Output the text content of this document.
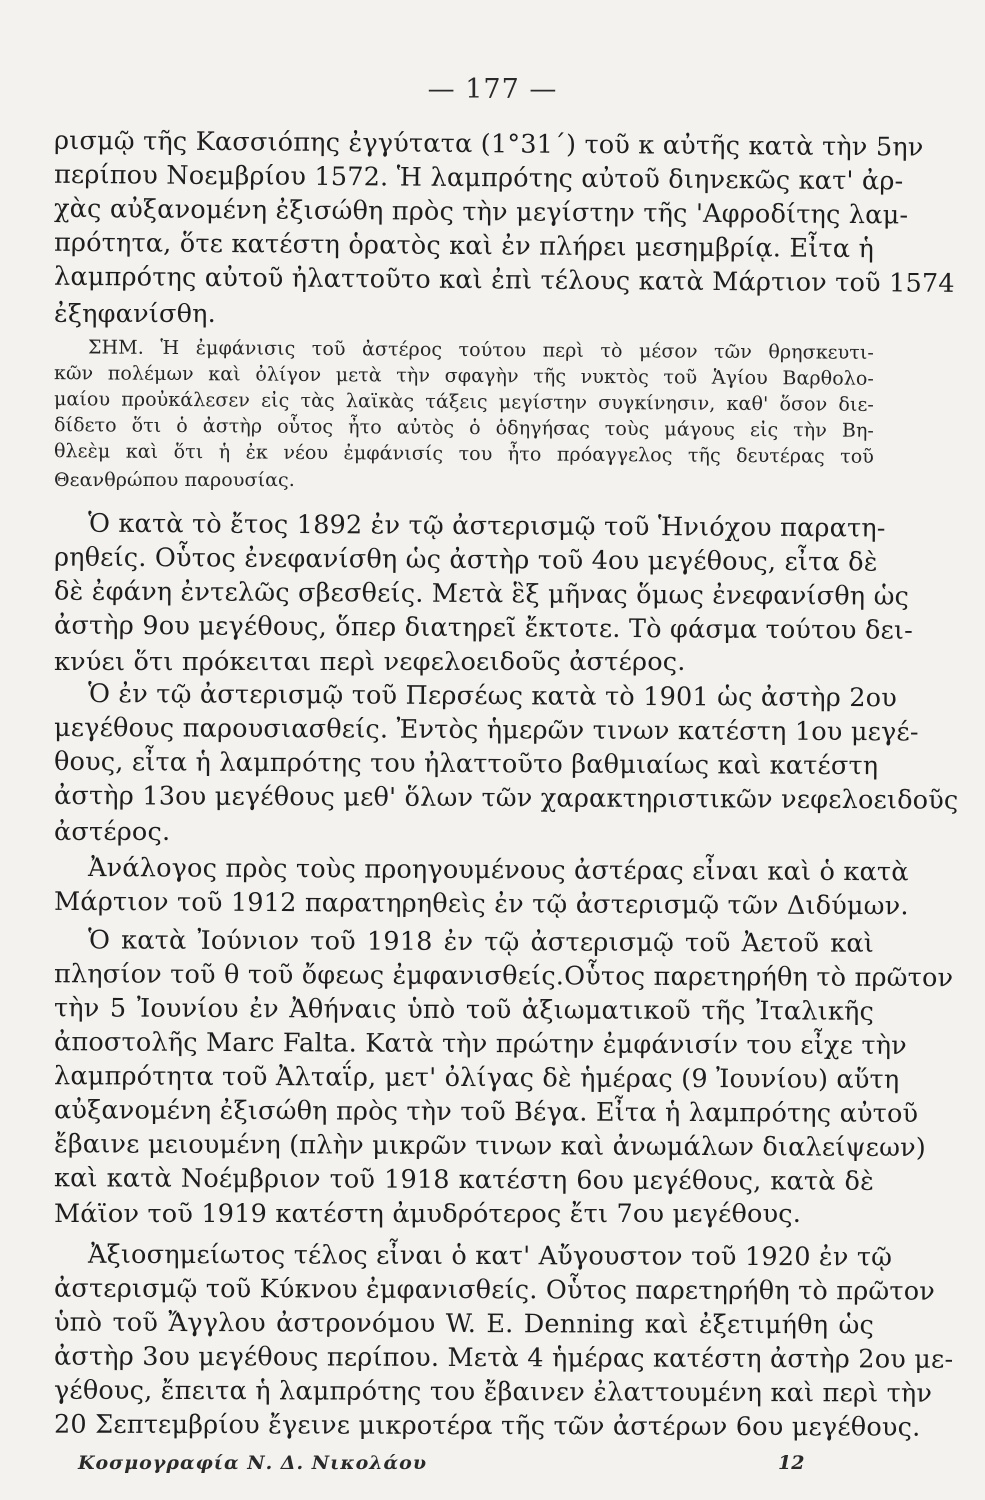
— 177 —
ρισμῷ τῆς Κασσιόπης ἐγγύτατα (1°31΄) τοῦ κ αὐτῆς κατὰ τὴν 5ην
περίπου Νοεμβρίου 1572. Ἡ λαμπρότης αὐτοῦ διηνεκῶς κατ' ἀρ-
χὰς αὐξανομένη ἐξισώθη πρὸς τὴν μεγίστην τῆς 'Αφροδίτης λαμ-
πρότητα, ὅτε κατέστη ὁρατὸς καὶ ἐν πλήρει μεσημβρίᾳ. Εἶτα ἡ
λαμπρότης αὐτοῦ ἠλαττοῦτο καὶ ἐπὶ τέλους κατὰ Μάρτιον τοῦ 1574
ἐξηφανίσθη.
ΣΗΜ. Ἡ ἐμφάνισις τοῦ ἀστέρος τούτου περὶ τὸ μέσον τῶν θρησκευτι-
κῶν πολέμων καὶ ὀλίγον μετὰ τὴν σφαγὴν τῆς νυκτὸς τοῦ Ἁγίου Βαρθολο-
μαίου προὐκάλεσεν εἰς τὰς λαϊκὰς τάξεις μεγίστην συγκίνησιν, καθ' ὅσον διε-
δίδετο ὅτι ὁ ἀστὴρ οὗτος ἦτο αὐτὸς ὁ ὁδηγήσας τοὺς μάγους εἰς τὴν Βη-
θλεὲμ καὶ ὅτι ἡ ἐκ νέου ἐμφάνισίς του ἦτο πρόαγγελος τῆς δευτέρας τοῦ
Θεανθρώπου παρουσίας.
Ὁ κατὰ τὸ ἔτος 1892 ἐν τῷ ἀστερισμῷ τοῦ Ἡνιόχου παρατη-
ρηθείς. Οὗτος ἐνεφανίσθη ὡς ἀστὴρ τοῦ 4ου μεγέθους, εἶτα δὲ
δὲ ἐφάνη ἐντελῶς σβεσθείς. Μετὰ ἓξ μῆνας ὅμως ἐνεφανίσθη ὡς
ἀστὴρ 9ου μεγέθους, ὅπερ διατηρεῖ ἔκτοτε. Τὸ φάσμα τούτου δει-
κνύει ὅτι πρόκειται περὶ νεφελοειδοῦς ἀστέρος.
Ὁ ἐν τῷ ἀστερισμῷ τοῦ Περσέως κατὰ τὸ 1901 ὡς ἀστὴρ 2ου
μεγέθους παρουσιασθείς. Ἐντὸς ἡμερῶν τινων κατέστη 1ου μεγέ-
θους, εἶτα ἡ λαμπρότης του ἠλαττοῦτο βαθμιαίως καὶ κατέστη
ἀστὴρ 13ου μεγέθους μεθ' ὅλων τῶν χαρακτηριστικῶν νεφελοειδοῦς
ἀστέρος.
Ἀνάλογος πρὸς τοὺς προηγουμένους ἀστέρας εἶναι καὶ ὁ κατὰ
Μάρτιον τοῦ 1912 παρατηρηθεὶς ἐν τῷ ἀστερισμῷ τῶν Διδύμων.
Ὁ κατὰ Ἰούνιον τοῦ 1918 ἐν τῷ ἀστερισμῷ τοῦ Ἀετοῦ καὶ
πλησίον τοῦ θ τοῦ ὄφεως ἐμφανισθείς.Οὗτος παρετηρήθη τὸ πρῶτον
τὴν 5 Ἰουνίου ἐν Ἀθήναις ὑπὸ τοῦ ἀξιωματικοῦ τῆς Ἰταλικῆς
ἀποστολῆς Marc Falta. Κατὰ τὴν πρώτην ἐμφάνισίν του εἶχε τὴν
λαμπρότητα τοῦ Ἀλταΐρ, μετ' ὀλίγας δὲ ἡμέρας (9 Ἰουνίου) αὕτη
αὐξανομένη ἐξισώθη πρὸς τὴν τοῦ Βέγα. Εἶτα ἡ λαμπρότης αὐτοῦ
ἔβαινε μειουμένη (πλὴν μικρῶν τινων καὶ ἀνωμάλων διαλείψεων)
καὶ κατὰ Νοέμβριον τοῦ 1918 κατέστη 6ου μεγέθους, κατὰ δὲ
Μάϊον τοῦ 1919 κατέστη ἀμυδρότερος ἔτι 7ου μεγέθους.
Ἀξιοσημείωτος τέλος εἶναι ὁ κατ' Αὔγουστον τοῦ 1920 ἐν τῷ
ἀστερισμῷ τοῦ Κύκνου ἐμφανισθείς. Οὗτος παρετηρήθη τὸ πρῶτον
ὑπὸ τοῦ Ἄγγλου ἀστρονόμου W. E. Denning καὶ ἐξετιμήθη ὡς
ἀστὴρ 3ου μεγέθους περίπου. Μετὰ 4 ἡμέρας κατέστη ἀστὴρ 2ου με-
γέθους, ἔπειτα ἡ λαμπρότης του ἔβαινεν ἐλαττουμένη καὶ περὶ τὴν
20 Σεπτεμβρίου ἔγεινε μικροτέρα τῆς τῶν ἀστέρων 6ου μεγέθους.
Κοσμογραφία Ν. Δ. Νικολάου	12
